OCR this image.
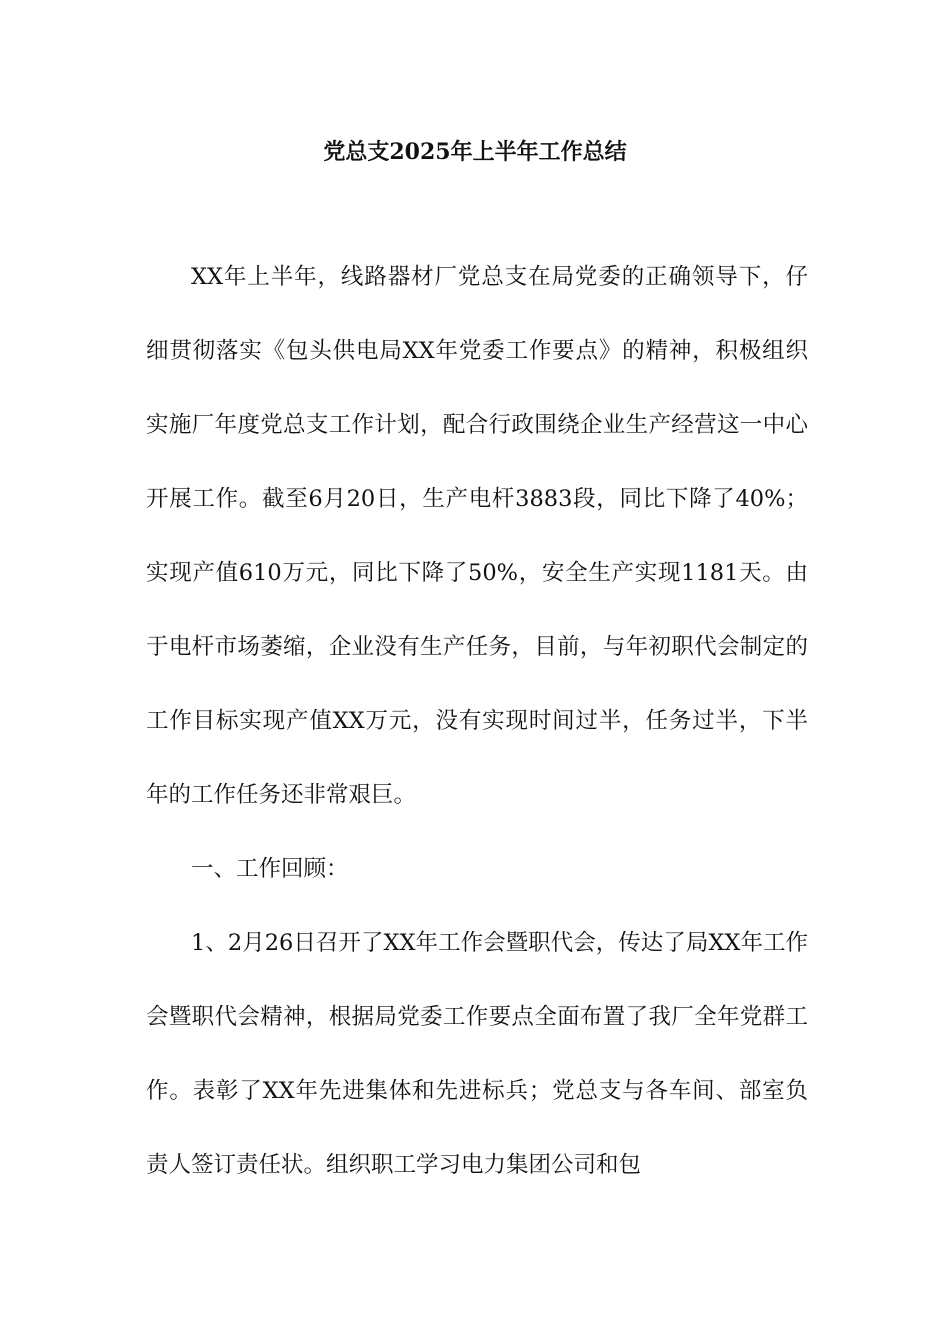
党总支2025年上半年工作总结

XX年上半年，线路器材厂党总支在局党委的正确领导下，仔细贯彻落实《包头供电局XX年党委工作要点》的精神，积极组织实施厂年度党总支工作计划，配合行政围绕企业生产经营这一中心开展工作。截至6月20日，生产电杆3883段，同比下降了40%；实现产值610万元，同比下降了50%，安全生产实现1181天。由于电杆市场萎缩，企业没有生产任务，目前，与年初职代会制定的工作目标实现产值XX万元，没有实现时间过半，任务过半，下半年的工作任务还非常艰巨。

一、工作回顾：

1、2月26日召开了XX年工作会暨职代会，传达了局XX年工作会暨职代会精神，根据局党委工作要点全面布置了我厂全年党群工作。表彰了XX年先进集体和先进标兵；党总支与各车间、部室负责人签订责任状。组织职工学习电力集团公司和包
